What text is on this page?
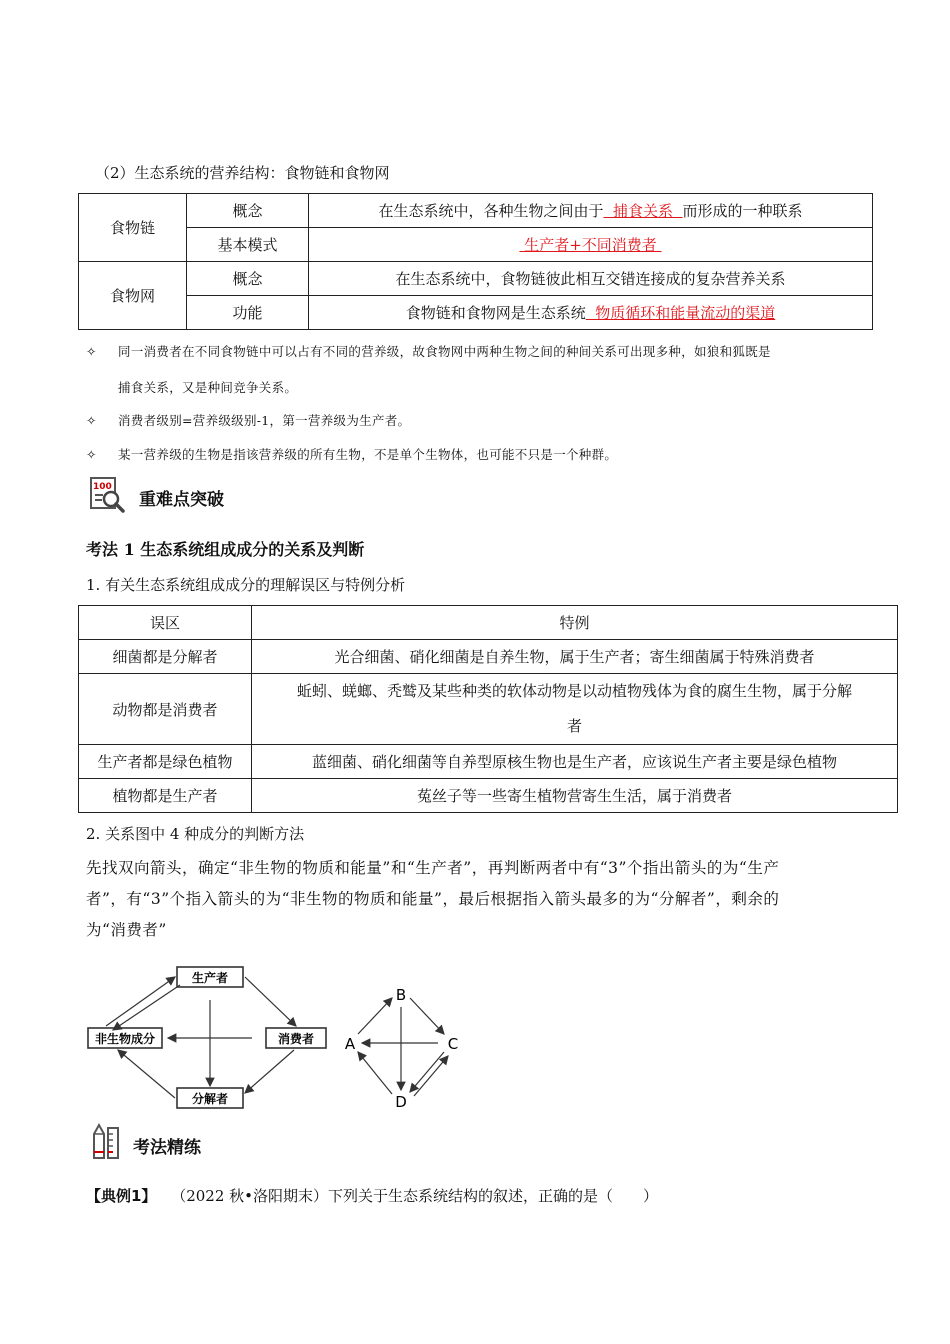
（2）生态系统的营养结构：食物链和食物网
食物链	概念	在生态系统中，各种生物之间由于  捕食关系  而形成的一种联系
	基本模式	生产者+不同消费者
食物网	概念	在生态系统中，食物链彼此相互交错连接成的复杂营养关系
	功能	食物链和食物网是生态系统  物质循环和能量流动的渠道
✧ 同一消费者在不同食物链中可以占有不同的营养级，故食物网中两种生物之间的种间关系可出现多种，如狼和狐既是
捕食关系，又是种间竞争关系。
✧ 消费者级别=营养级级别-1，第一营养级为生产者。
✧ 某一营养级的生物是指该营养级的所有生物，不是单个生物体，也可能不只是一个种群。
100
重难点突破
考法 1 生态系统组成成分的关系及判断
1. 有关生态系统组成成分的理解误区与特例分析
误区	特例
细菌都是分解者	光合细菌、硝化细菌是自养生物，属于生产者；寄生细菌属于特殊消费者
动物都是消费者	蚯蚓、蜣螂、秃鹫及某些种类的软体动物是以动植物残体为食的腐生生物，属于分解
者

生产者都是绿色植物	蓝细菌、硝化细菌等自养型原核生物也是生产者，应该说生产者主要是绿色植物
植物都是生产者	菟丝子等一些寄生植物营寄生生活，属于消费者
2. 关系图中 4 种成分的判断方法
先找双向箭头，确定“非生物的物质和能量”和“生产者”，再判断两者中有“3”个指出箭头的为“生产
者”，有“3”个指入箭头的为“非生物的物质和能量”，最后根据指入箭头最多的为“分解者”，剩余的
为“消费者”
生产者
非生物成分	消费者
分解者
B
A	C
D
考法精练
【典例1】 （2022 秋•洛阳期末）下列关于生态系统结构的叙述，正确的是（　　）
